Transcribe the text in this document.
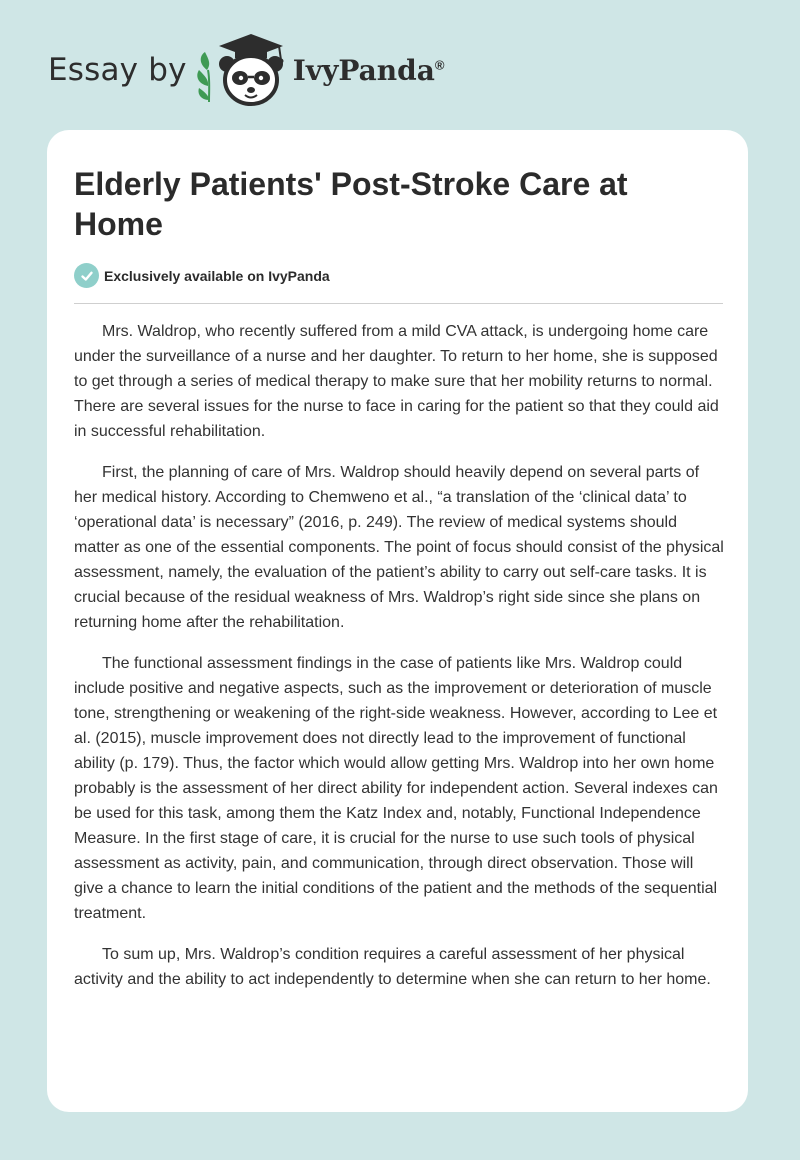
Essay by	IvyPanda®
Elderly Patients' Post-Stroke Care at Home
Exclusively available on IvyPanda

Mrs. Waldrop, who recently suffered from a mild CVA attack, is undergoing home care under the surveillance of a nurse and her daughter. To return to her home, she is supposed to get through a series of medical therapy to make sure that her mobility returns to normal. There are several issues for the nurse to face in caring for the patient so that they could aid in successful rehabilitation.

First, the planning of care of Mrs. Waldrop should heavily depend on several parts of her medical history. According to Chemweno et al., “a translation of the ‘clinical data’ to ‘operational data’ is necessary” (2016, p. 249). The review of medical systems should matter as one of the essential components. The point of focus should consist of the physical assessment, namely, the evaluation of the patient’s ability to carry out self-care tasks. It is crucial because of the residual weakness of Mrs. Waldrop’s right side since she plans on returning home after the rehabilitation.

The functional assessment findings in the case of patients like Mrs. Waldrop could include positive and negative aspects, such as the improvement or deterioration of muscle tone, strengthening or weakening of the right-side weakness. However, according to Lee et al. (2015), muscle improvement does not directly lead to the improvement of functional ability (p. 179). Thus, the factor which would allow getting Mrs. Waldrop into her own home probably is the assessment of her direct ability for independent action. Several indexes can be used for this task, among them the Katz Index and, notably, Functional Independence Measure. In the first stage of care, it is crucial for the nurse to use such tools of physical assessment as activity, pain, and communication, through direct observation. Those will give a chance to learn the initial conditions of the patient and the methods of the sequential treatment.

To sum up, Mrs. Waldrop’s condition requires a careful assessment of her physical activity and the ability to act independently to determine when she can return to her home.
